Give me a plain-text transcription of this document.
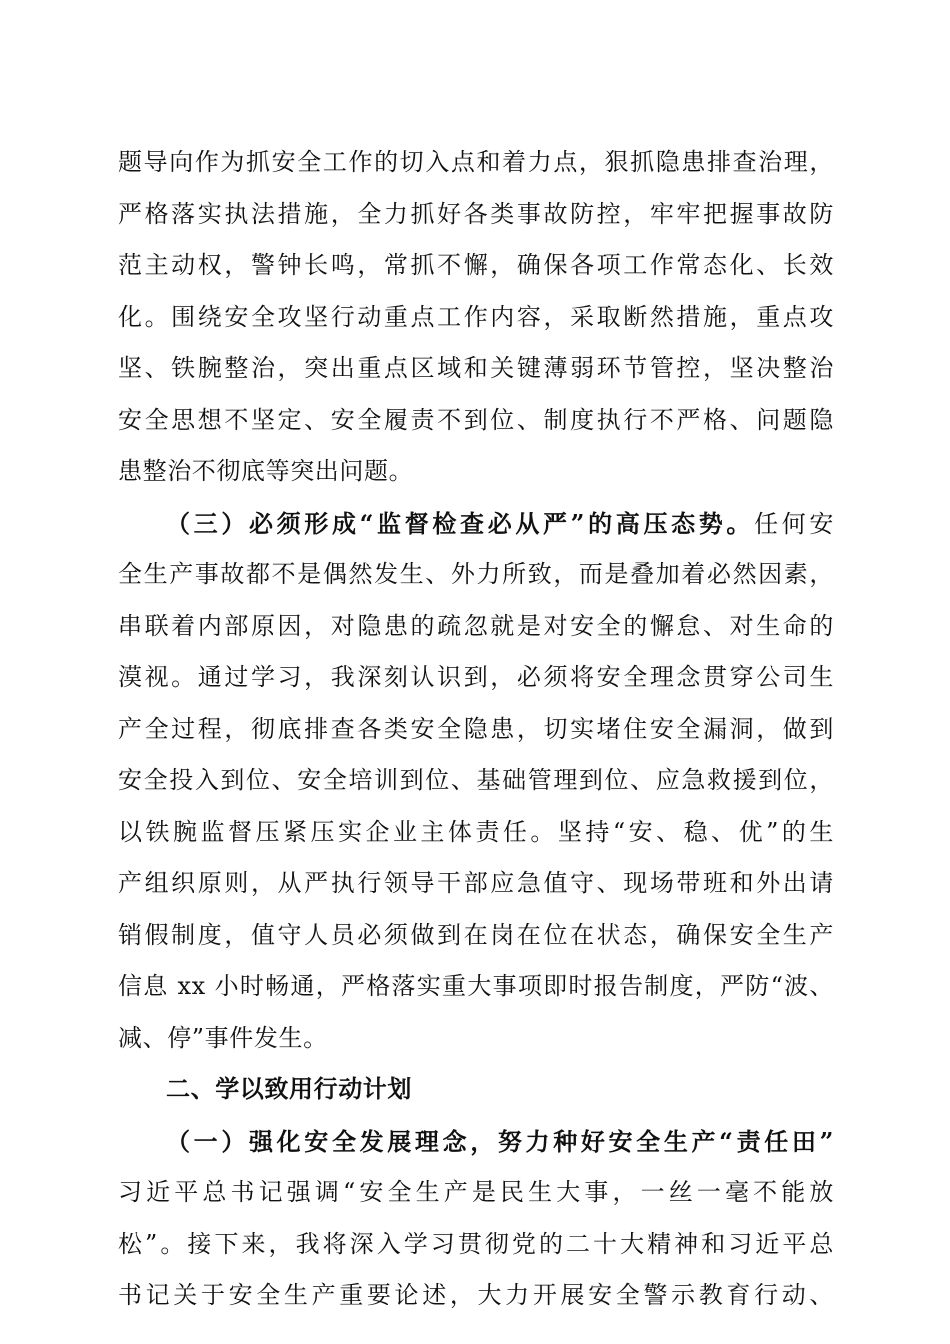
题导向作为抓安全工作的切入点和着力点，狠抓隐患排查治理，
严格落实执法措施，全力抓好各类事故防控，牢牢把握事故防
范主动权，警钟长鸣，常抓不懈，确保各项工作常态化、长效
化。围绕安全攻坚行动重点工作内容，采取断然措施，重点攻
坚、铁腕整治，突出重点区域和关键薄弱环节管控，坚决整治
安全思想不坚定、安全履责不到位、制度执行不严格、问题隐
患整治不彻底等突出问题。
（三）必须形成“监督检查必从严”的高压态势。任何安
全生产事故都不是偶然发生、外力所致，而是叠加着必然因素，
串联着内部原因，对隐患的疏忽就是对安全的懈怠、对生命的
漠视。通过学习，我深刻认识到，必须将安全理念贯穿公司生
产全过程，彻底排查各类安全隐患，切实堵住安全漏洞，做到
安全投入到位、安全培训到位、基础管理到位、应急救援到位，
以铁腕监督压紧压实企业主体责任。坚持“安、稳、优”的生
产组织原则，从严执行领导干部应急值守、现场带班和外出请
销假制度，值守人员必须做到在岗在位在状态，确保安全生产
信息 xx 小时畅通，严格落实重大事项即时报告制度，严防“波、
减、停”事件发生。
二、学以致用行动计划
（一）强化安全发展理念，努力种好安全生产“责任田”
习近平总书记强调“安全生产是民生大事，一丝一毫不能放
松”。接下来，我将深入学习贯彻党的二十大精神和习近平总
书记关于安全生产重要论述，大力开展安全警示教育行动、
